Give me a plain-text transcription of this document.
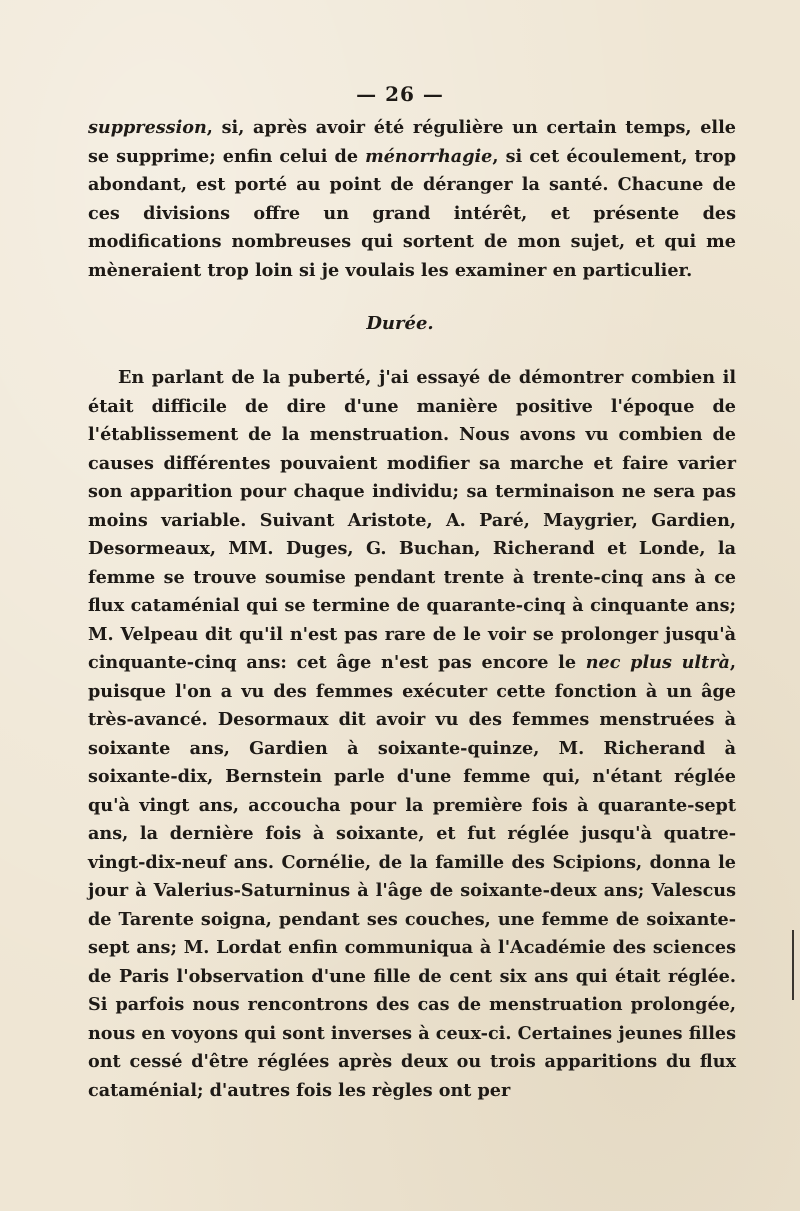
— 26 —
suppression, si, après avoir été régulière un certain temps, elle se supprime; enfin celui de ménorrhagie, si cet écoulement, trop abondant, est porté au point de déranger la santé. Chacune de ces divisions offre un grand intérêt, et présente des modifications nombreuses qui sortent de mon sujet, et qui me mèneraient trop loin si je voulais les examiner en particulier.
Durée.
En parlant de la puberté, j'ai essayé de démontrer combien il était difficile de dire d'une manière positive l'époque de l'établissement de la menstruation. Nous avons vu combien de causes différentes pouvaient modifier sa marche et faire varier son apparition pour chaque individu; sa terminaison ne sera pas moins variable. Suivant Aristote, A. Paré, Maygrier, Gardien, Desormeaux, MM. Duges, G. Buchan, Richerand et Londe, la femme se trouve soumise pendant trente à trente-cinq ans à ce flux cataménial qui se termine de quarante-cinq à cinquante ans; M. Velpeau dit qu'il n'est pas rare de le voir se prolonger jusqu'à cinquante-cinq ans: cet âge n'est pas encore le nec plus ultrà, puisque l'on a vu des femmes exécuter cette fonction à un âge très-avancé. Desormaux dit avoir vu des femmes menstruées à soixante ans, Gardien à soixante-quinze, M. Richerand à soixante-dix, Bernstein parle d'une femme qui, n'étant réglée qu'à vingt ans, accoucha pour la première fois à quarante-sept ans, la dernière fois à soixante, et fut réglée jusqu'à quatre-vingt-dix-neuf ans. Cornélie, de la famille des Scipions, donna le jour à Valerius-Saturninus à l'âge de soixante-deux ans; Valescus de Tarente soigna, pendant ses couches, une femme de soixante-sept ans; M. Lordat enfin communiqua à l'Académie des sciences de Paris l'observation d'une fille de cent six ans qui était réglée. Si parfois nous rencontrons des cas de menstruation prolongée, nous en voyons qui sont inverses à ceux-ci. Certaines jeunes filles ont cessé d'être réglées après deux ou trois apparitions du flux cataménial; d'autres fois les règles ont per
